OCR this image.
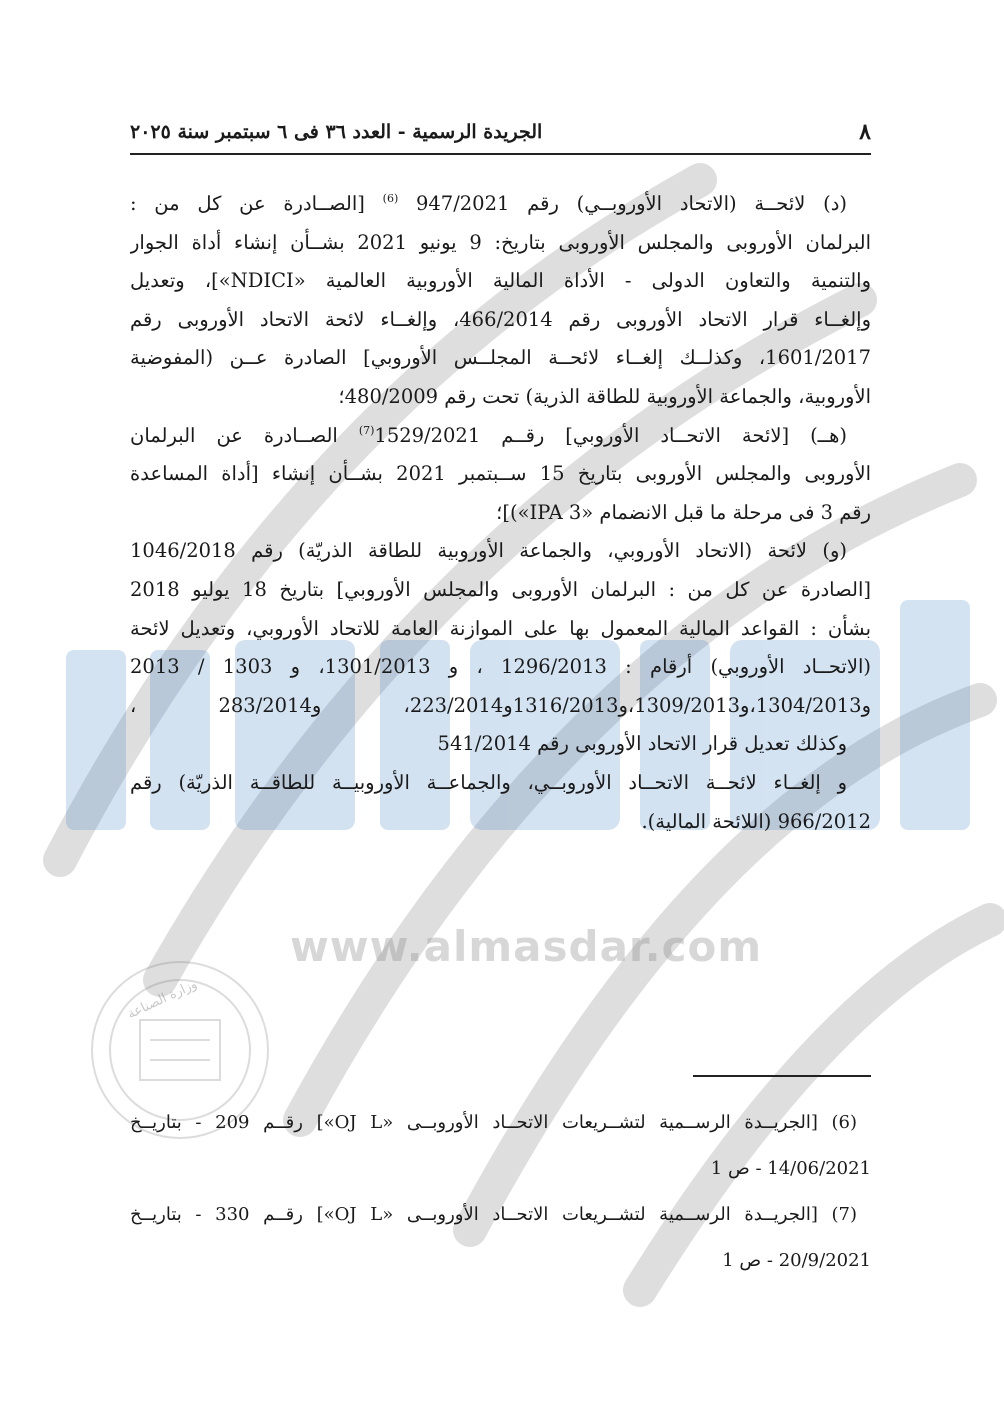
www.almasdar.com
وزارة الصناعة
٨
الجريدة الرسمية - العدد ٣٦ فى ٦ سبتمبر سنة ٢٠٢٥
(د) لائحــة (الاتحاد الأوروبــي) رقم 947/2021 $^{(6)}$ [الصــادرة عن كل من :
البرلمان الأوروبى والمجلس الأوروبى بتاريخ: 9 يونيو 2021 بشــأن إنشاء أداة الجوار
والتنمية والتعاون الدولى - الأداة المالية الأوروبية العالمية «NDICI»]، وتعديل
وإلغــاء قرار الاتحاد الأوروبى رقم 466/2014، وإلغــاء لائحة الاتحاد الأوروبى رقم
1601/2017، وكذلــك إلغــاء لائحــة المجلــس الأوروبي] الصادرة عــن (المفوضية
الأوروبية، والجماعة الأوروبية للطاقة الذرية) تحت رقم 480/2009؛
(هــ) [لائحة الاتحــاد الأوروبي] رقــم 1529/2021$^{(7)}$ الصــادرة عن البرلمان
الأوروبى والمجلس الأوروبى بتاريخ 15 ســبتمبر 2021 بشــأن إنشاء [أداة المساعدة
رقم 3 فى مرحلة ما قبل الانضمام «IPA 3»)]؛
(و) لائحة (الاتحاد الأوروبي، والجماعة الأوروبية للطاقة الذريّة) رقم 1046/2018
[الصادرة عن كل من : البرلمان الأوروبى والمجلس الأوروبي] بتاريخ 18 يوليو 2018
بشأن : القواعد المالية المعمول بها على الموازنة العامة للاتحاد الأوروبي، وتعديل لائحة
(الاتحــاد الأوروبي) أرقام : 1296/2013 ، و 1301/2013، و 1303 / 2013
و1304/2013،و1309/2013،و1316/2013و223/2014، و283/2014 ،
وكذلك تعديل قرار الاتحاد الأوروبى رقم 541/2014
و إلغــاء لائحــة الاتحــاد الأوروبــي، والجماعــة الأوروبيــة للطاقــة الذريّة) رقم
966/2012 (اللائحة المالية).
(6) [الجريــدة الرســمية لتشــريعات الاتحــاد الأوروبــى «OJ L»] رقــم 209 - بتاريــخ
14/06/2021 - ص 1
(7) [الجريــدة الرســمية لتشــريعات الاتحــاد الأوروبــى «OJ L»] رقــم 330 - بتاريــخ
20/9/2021 - ص 1
